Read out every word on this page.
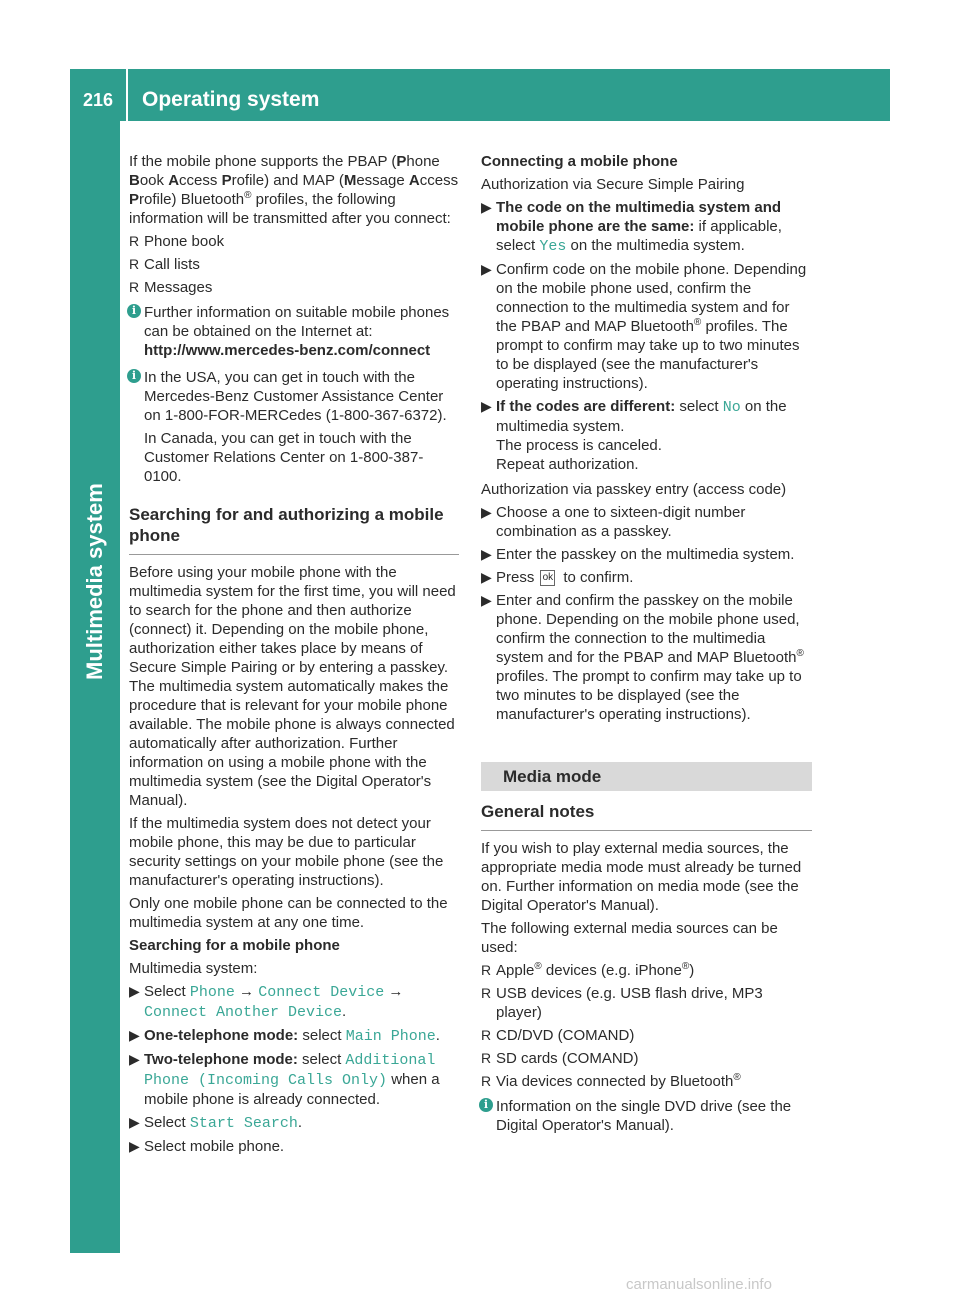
216	Operating system
Multimedia system

If the mobile phone supports the PBAP (Phone Book Access Profile) and MAP (Message Access Profile) Bluetooth® profiles, the following information will be transmitted after you connect:

R Phone book
R Call lists
R Messages
i Further information on suitable mobile phones can be obtained on the Internet at:
http://www.mercedes-benz.com/connect
i In the USA, you can get in touch with the Mercedes-Benz Customer Assistance Center on 1-800-FOR-MERCedes (1-800-367-6372).

In Canada, you can get in touch with the Customer Relations Center on 1-800-387-0100.

Searching for and authorizing a mobile phone

Before using your mobile phone with the multimedia system for the first time, you will need to search for the phone and then authorize (connect) it. Depending on the mobile phone, authorization either takes place by means of Secure Simple Pairing or by entering a passkey. The multimedia system automatically makes the procedure that is relevant for your mobile phone available. The mobile phone is always connected automatically after authorization. Further information on using a mobile phone with the multimedia system (see the Digital Operator's Manual).

If the multimedia system does not detect your mobile phone, this may be due to particular security settings on your mobile phone (see the manufacturer's operating instructions).

Only one mobile phone can be connected to the multimedia system at any one time.

Searching for a mobile phone

Multimedia system:

▶ Select Phone → Connect Device → Connect Another Device.
▶ One-telephone mode: select Main Phone.
▶ Two-telephone mode: select Additional Phone (Incoming Calls Only) when a mobile phone is already connected.
▶ Select Start Search.
▶ Select mobile phone.

Connecting a mobile phone

Authorization via Secure Simple Pairing

▶ The code on the multimedia system and mobile phone are the same: if applicable, select Yes on the multimedia system.
▶ Confirm code on the mobile phone. Depending on the mobile phone used, confirm the connection to the multimedia system and for the PBAP and MAP Bluetooth® profiles. The prompt to confirm may take up to two minutes to be displayed (see the manufacturer's operating instructions).
▶ If the codes are different: select No on the multimedia system.
The process is canceled.
Repeat authorization.

Authorization via passkey entry (access code)

▶ Choose a one to sixteen-digit number combination as a passkey.
▶ Enter the passkey on the multimedia system.
▶ Press ok to confirm.
▶ Enter and confirm the passkey on the mobile phone. Depending on the mobile phone used, confirm the connection to the multimedia system and for the PBAP and MAP Bluetooth® profiles. The prompt to confirm may take up to two minutes to be displayed (see the manufacturer's operating instructions).
Media mode
General notes

If you wish to play external media sources, the appropriate media mode must already be turned on. Further information on media mode (see the Digital Operator's Manual).

The following external media sources can be used:

R Apple® devices (e.g. iPhone®)
R USB devices (e.g. USB flash drive, MP3 player)
R CD/DVD (COMAND)
R SD cards (COMAND)
R Via devices connected by Bluetooth®
i Information on the single DVD drive (see the Digital Operator's Manual).
carmanualsonline.info
